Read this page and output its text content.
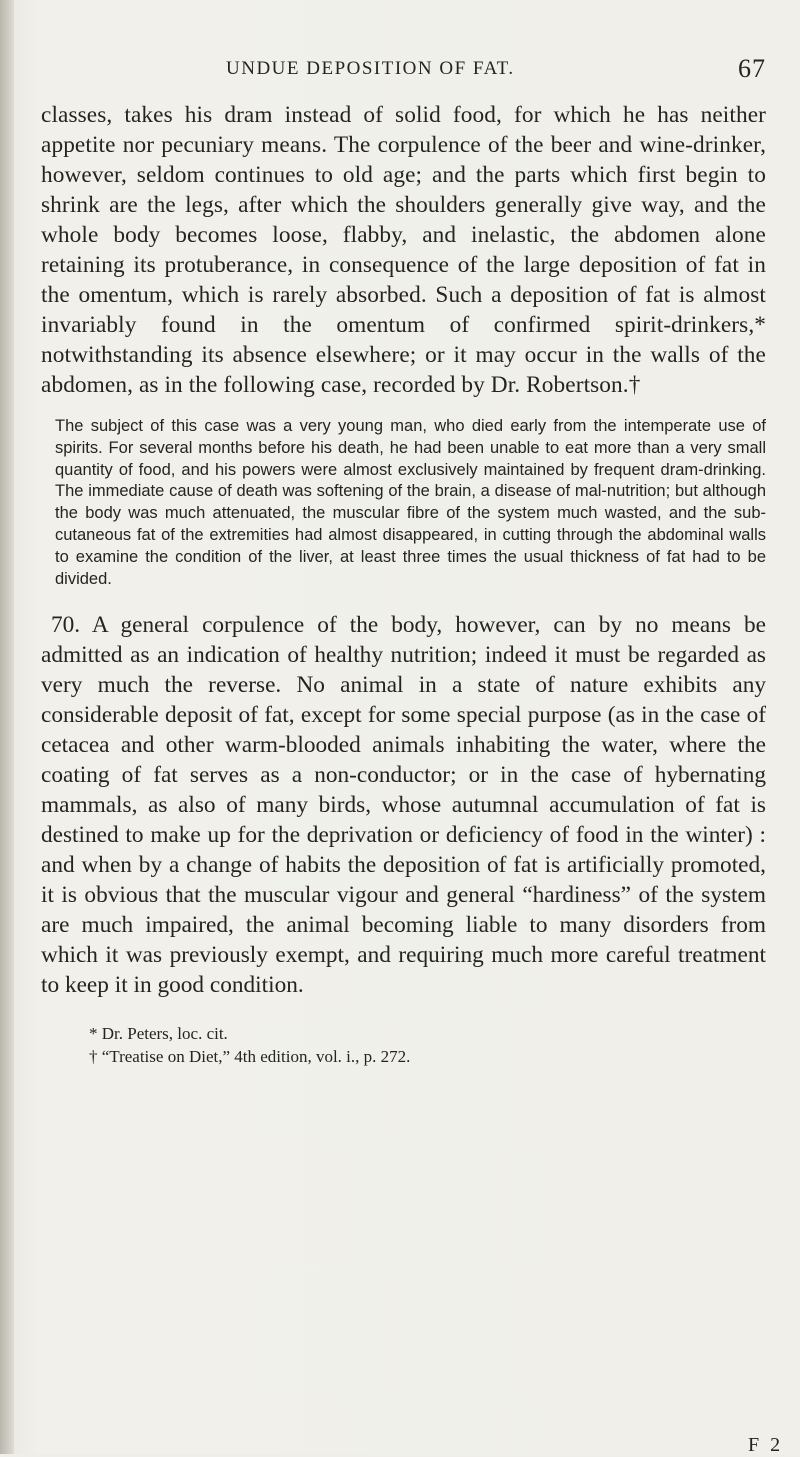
UNDUE DEPOSITION OF FAT.	67

classes, takes his dram instead of solid food, for which he has neither appetite nor pecuniary means. The corpulence of the beer and wine-drinker, however, seldom continues to old age; and the parts which first begin to shrink are the legs, after which the shoulders generally give way, and the whole body becomes loose, flabby, and inelastic, the abdomen alone retaining its protuberance, in consequence of the large deposition of fat in the omentum, which is rarely absorbed. Such a deposition of fat is almost invariably found in the omentum of confirmed spirit-drinkers,* notwithstanding its absence elsewhere; or it may occur in the walls of the abdomen, as in the following case, recorded by Dr. Robertson.†

The subject of this case was a very young man, who died early from the intemperate use of spirits. For several months before his death, he had been unable to eat more than a very small quantity of food, and his powers were almost exclusively maintained by frequent dram-drinking. The immediate cause of death was softening of the brain, a disease of mal-nutrition; but although the body was much attenuated, the muscular fibre of the system much wasted, and the sub-cutaneous fat of the extremities had almost disappeared, in cutting through the abdominal walls to examine the condition of the liver, at least three times the usual thickness of fat had to be divided.

70. A general corpulence of the body, however, can by no means be admitted as an indication of healthy nutrition; indeed it must be regarded as very much the reverse. No animal in a state of nature exhibits any considerable deposit of fat, except for some special purpose (as in the case of cetacea and other warm-blooded animals inhabiting the water, where the coating of fat serves as a non-conductor; or in the case of hybernating mammals, as also of many birds, whose autumnal accumulation of fat is destined to make up for the deprivation or deficiency of food in the winter) : and when by a change of habits the deposition of fat is artificially promoted, it is obvious that the muscular vigour and general “hardiness” of the system are much impaired, the animal becoming liable to many disorders from which it was previously exempt, and requiring much more careful treatment to keep it in good condition.

* Dr. Peters, loc. cit.
† “Treatise on Diet,” 4th edition, vol. i., p. 272.
F 2
